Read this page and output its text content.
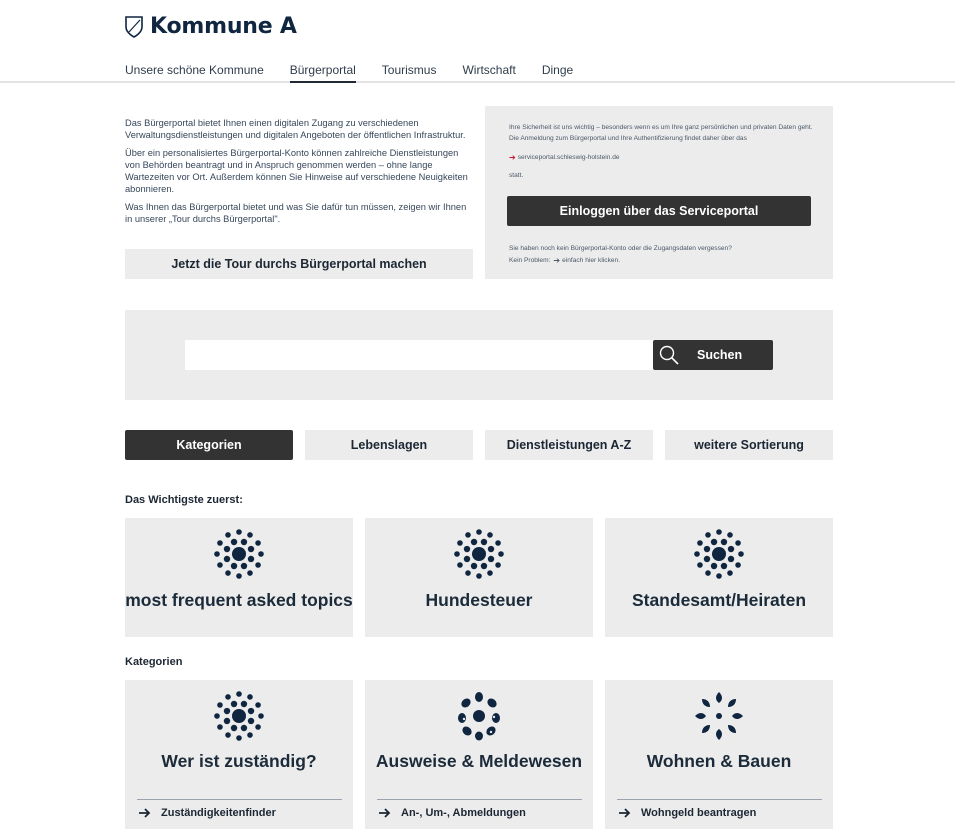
Kommune A
Unsere schöne Kommune Bürgerportal Tourismus Wirtschaft Dinge

Das Bürgerportal bietet Ihnen einen digitalen Zugang zu verschiedenen Verwaltungsdienstleistungen und digitalen Angeboten der öffentlichen Infrastruktur.

Über ein personalisiertes Bürgerportal-Konto können zahlreiche Dienstleistungen von Behörden beantragt und in Anspruch genommen werden – ohne lange Wartezeiten vor Ort. Außerdem können Sie Hinweise auf verschiedene Neuigkeiten abonnieren.

Was Ihnen das Bürgerportal bietet und was Sie dafür tun müssen, zeigen wir Ihnen in unserer „Tour durchs Bürgerportal".

Jetzt die Tour durchs Bürgerportal machen
Ihre Sicherheit ist uns wichtig – besonders wenn es um Ihre ganz persönlichen und privaten Daten geht. Die Anmeldung zum Bürgerportal und Ihre Authentifizierung findet daher über das
➔ serviceportal.schleswig-holstein.de
statt.
Einloggen über das Serviceportal
Sie haben noch kein Bürgerportal-Konto oder die Zugangsdaten vergessen?
Kein Problem: ➔ einfach hier klicken.
Suchen
Kategorien	Lebenslagen	Dienstleistungen A-Z	weitere Sortierung
Das Wichtigste zuerst:
most frequent asked topics	Hundesteuer	Standesamt/Heiraten
Kategorien
Wer ist zuständig?
Zuständigkeitenfinder
Ausweise & Meldewesen
An-, Um-, Abmeldungen
Wohnen & Bauen
Wohngeld beantragen
